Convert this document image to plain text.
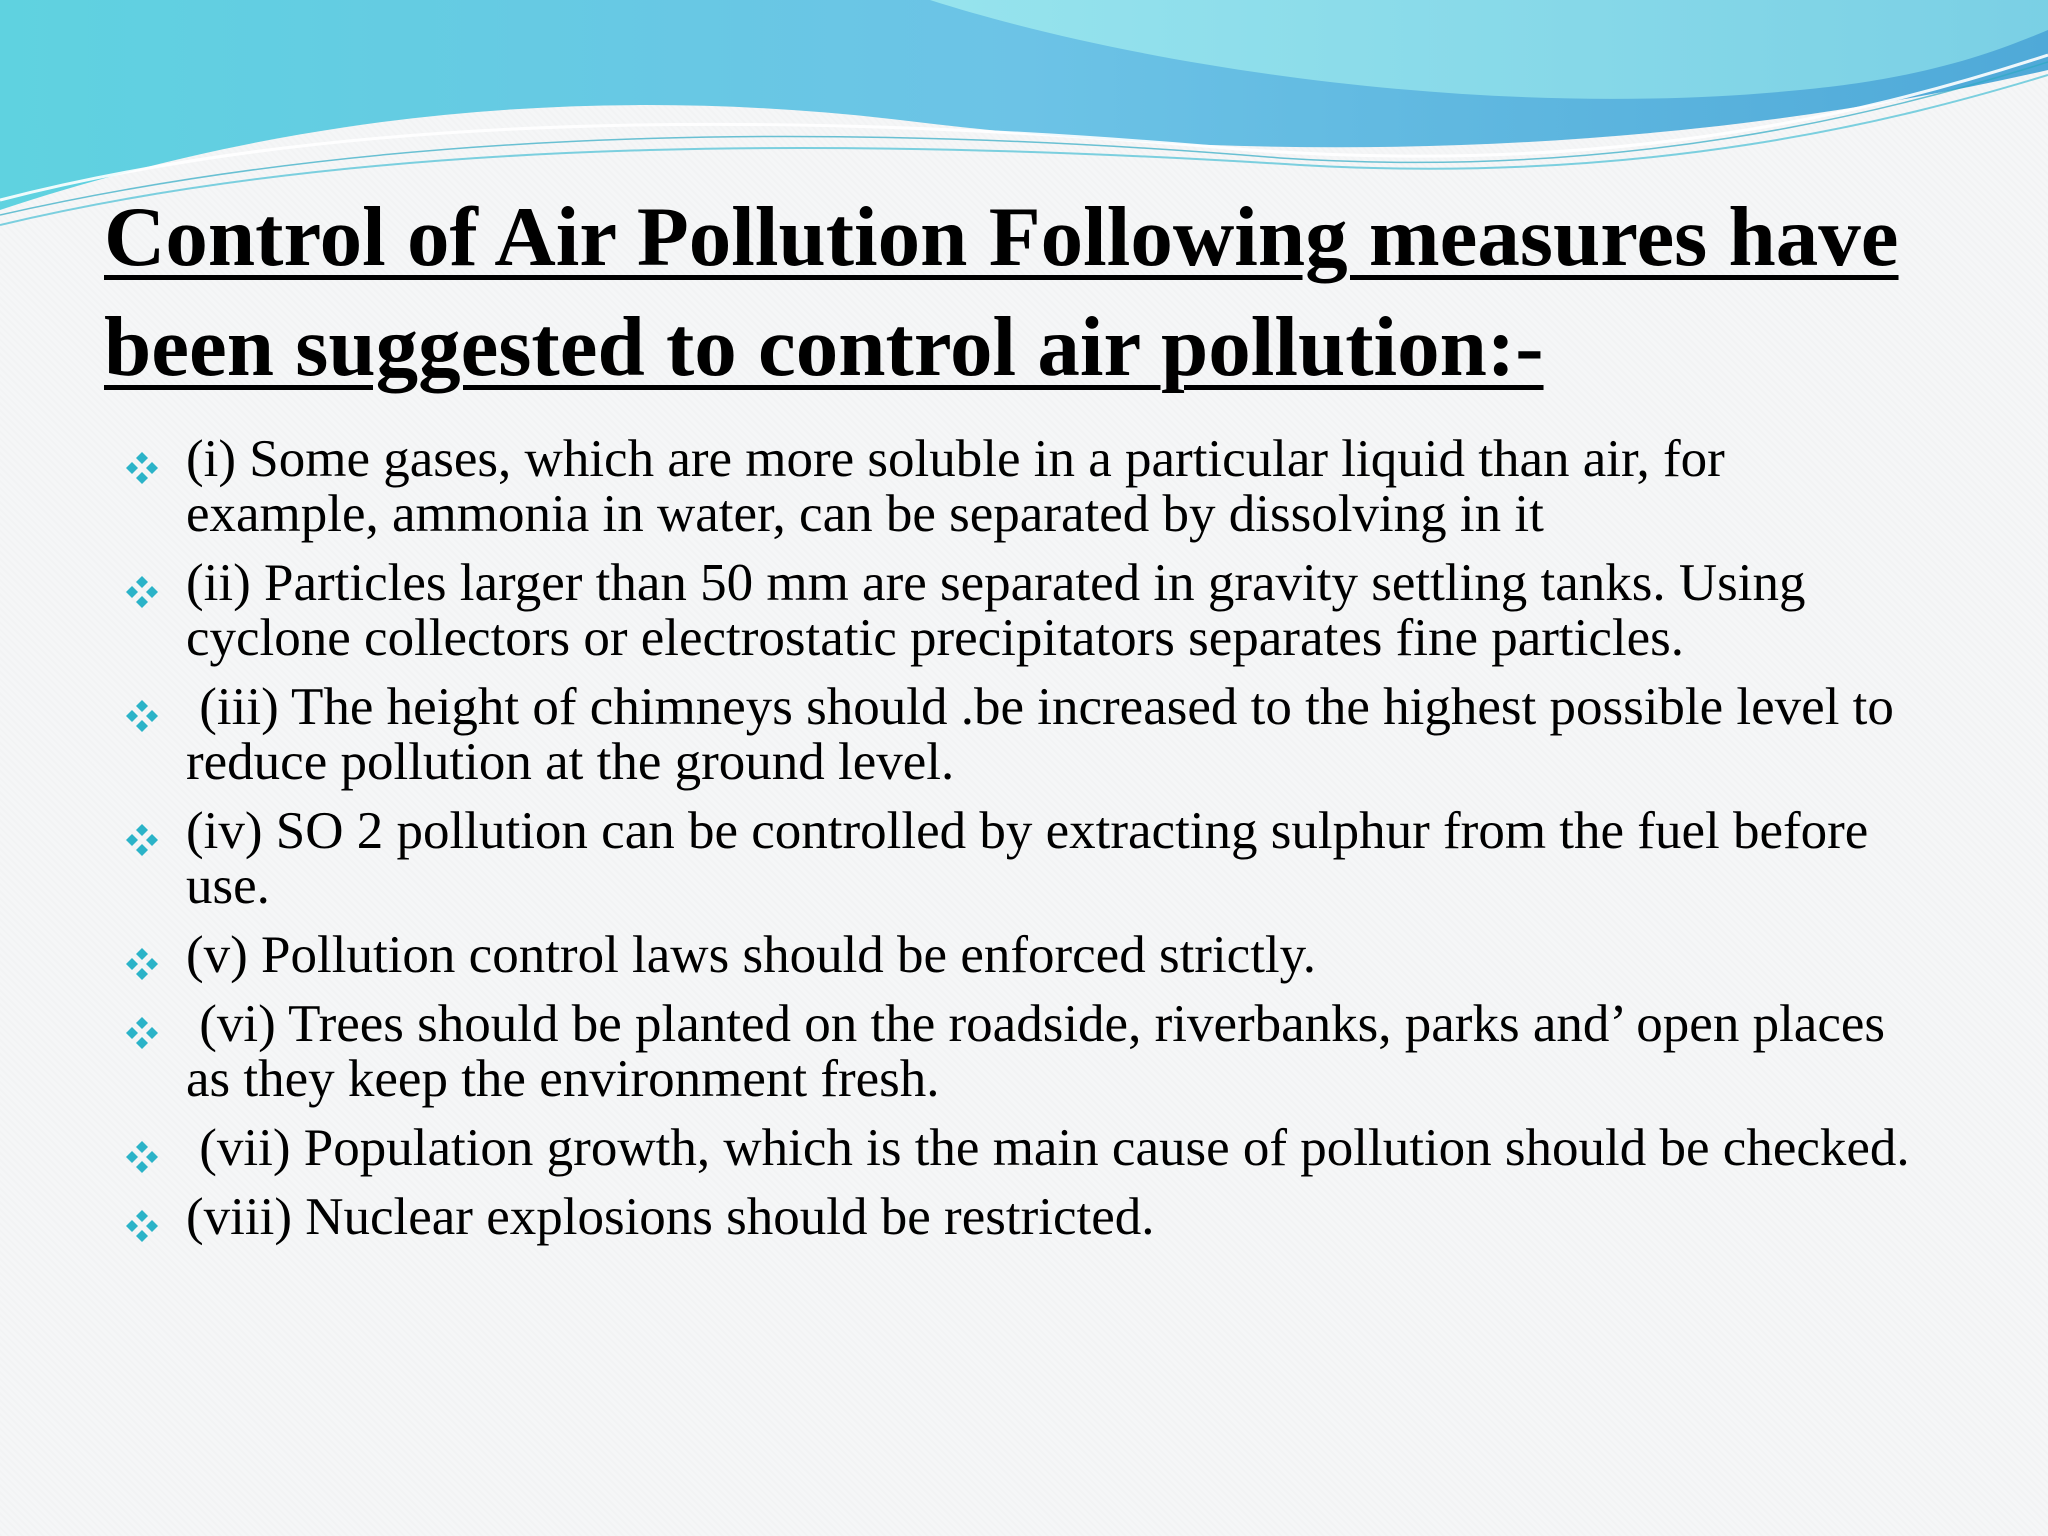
Control of Air Pollution Following measures have been suggested to control air pollution:-
(i) Some gases, which are more soluble in a particular liquid than air, for example, ammonia in water, can be separated by dissolving in it
(ii) Particles larger than 50 mm are separated in gravity settling tanks. Using cyclone collectors or electrostatic precipitators separates fine particles.
(iii) The height of chimneys should .be increased to the highest possible level to reduce pollution at the ground level.
(iv) SO 2 pollution can be controlled by extracting sulphur from the fuel before use.
(v) Pollution control laws should be enforced strictly.
(vi) Trees should be planted on the roadside, riverbanks, parks and’ open places as they keep the environment fresh.
(vii) Population growth, which is the main cause of pollution should be checked.
(viii) Nuclear explosions should be restricted.
